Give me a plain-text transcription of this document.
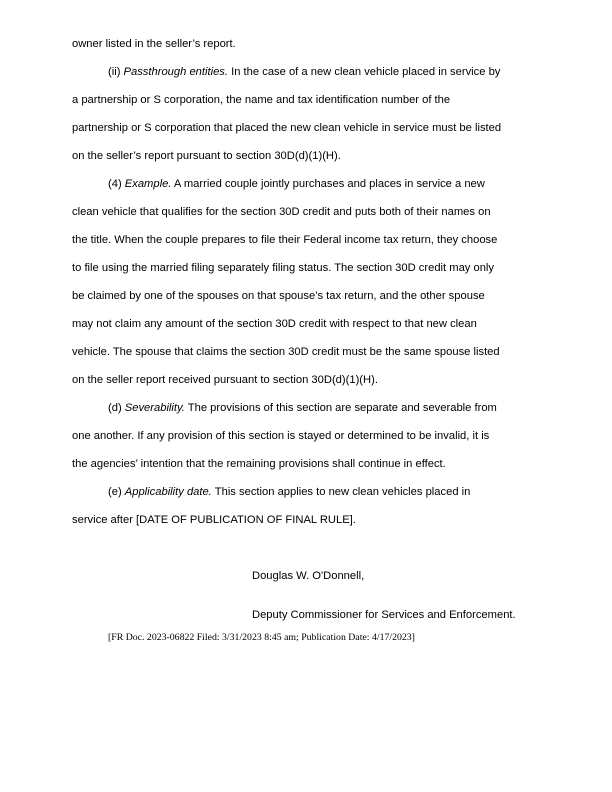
owner listed in the seller’s report.

(ii) Passthrough entities. In the case of a new clean vehicle placed in service by

a partnership or S corporation, the name and tax identification number of the

partnership or S corporation that placed the new clean vehicle in service must be listed

on the seller’s report pursuant to section 30D(d)(1)(H).

(4) Example. A married couple jointly purchases and places in service a new

clean vehicle that qualifies for the section 30D credit and puts both of their names on

the title. When the couple prepares to file their Federal income tax return, they choose

to file using the married filing separately filing status. The section 30D credit may only

be claimed by one of the spouses on that spouse’s tax return, and the other spouse

may not claim any amount of the section 30D credit with respect to that new clean

vehicle. The spouse that claims the section 30D credit must be the same spouse listed

on the seller report received pursuant to section 30D(d)(1)(H).

(d) Severability. The provisions of this section are separate and severable from

one another. If any provision of this section is stayed or determined to be invalid, it is

the agencies’ intention that the remaining provisions shall continue in effect.

(e) Applicability date. This section applies to new clean vehicles placed in

service after [DATE OF PUBLICATION OF FINAL RULE].

Douglas W. O'Donnell,

Deputy Commissioner for Services and Enforcement.

[FR Doc. 2023-06822 Filed: 3/31/2023 8:45 am; Publication Date: 4/17/2023]
